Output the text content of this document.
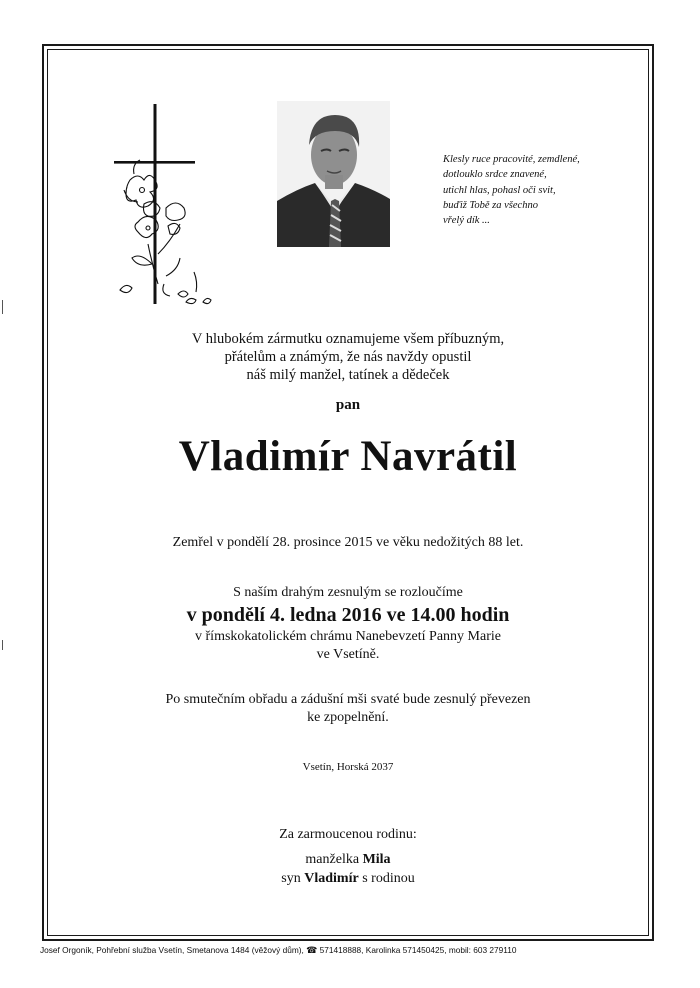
Klesly ruce pracovité, zemdlené,
dotlouklo srdce znavené,
utichl hlas, pohasl oči svit,
buďiž Tobě za všechno
vřelý dík ...
V hlubokém zármutku oznamujeme všem příbuzným,
přátelům a známým, že nás navždy opustil
náš milý manžel, tatínek a dědeček
pan
Vladimír Navrátil
Zemřel v pondělí 28. prosince 2015 ve věku nedožitých 88 let.
S naším drahým zesnulým se rozloučíme
v pondělí 4. ledna 2016 ve 14.00 hodin
v římskokatolickém chrámu Nanebevzetí Panny Marie
ve Vsetíně.
Po smutečním obřadu a zádušní mši svaté bude zesnulý převezen
ke zpopelnění.
Vsetín, Horská 2037
Za zarmoucenou rodinu:
manželka Mila
syn Vladimír s rodinou
Josef Orgoník, Pohřební služba Vsetín, Smetanova 1484 (věžový dům), ☎ 571418888, Karolinka 571450425, mobil: 603 279110
